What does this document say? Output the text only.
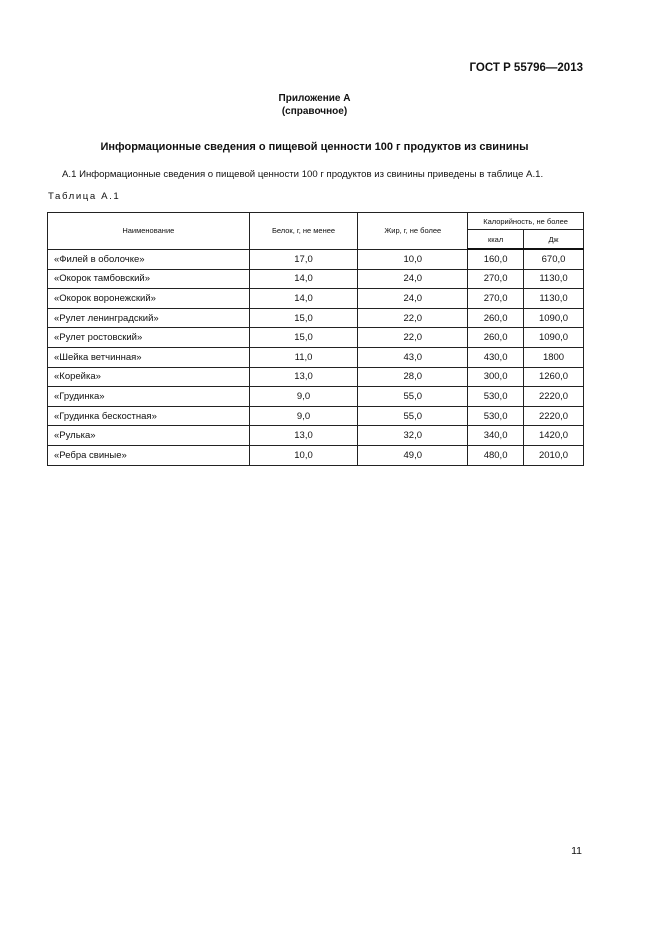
ГОСТ Р 55796—2013
Приложение А
(справочное)
Информационные сведения о пищевой ценности 100 г продуктов из свинины
А.1 Информационные сведения о пищевой ценности 100 г продуктов из свинины приведены в таблице А.1.
Таблица А.1
Наименование	Белок, г, не менее	Жир, г, не более	Калорийность, не более	
			ккал	Дж
«Филей в оболочке»	17,0	10,0	160,0	670,0
«Окорок тамбовский»	14,0	24,0	270,0	1130,0
«Окорок воронежский»	14,0	24,0	270,0	1130,0
«Рулет ленинградский»	15,0	22,0	260,0	1090,0
«Рулет ростовский»	15,0	22,0	260,0	1090,0
«Шейка ветчинная»	11,0	43,0	430,0	1800
«Корейка»	13,0	28,0	300,0	1260,0
«Грудинка»	9,0	55,0	530,0	2220,0
«Грудинка бескостная»	9,0	55,0	530,0	2220,0
«Рулька»	13,0	32,0	340,0	1420,0
«Ребра свиные»	10,0	49,0	480,0	2010,0
11
